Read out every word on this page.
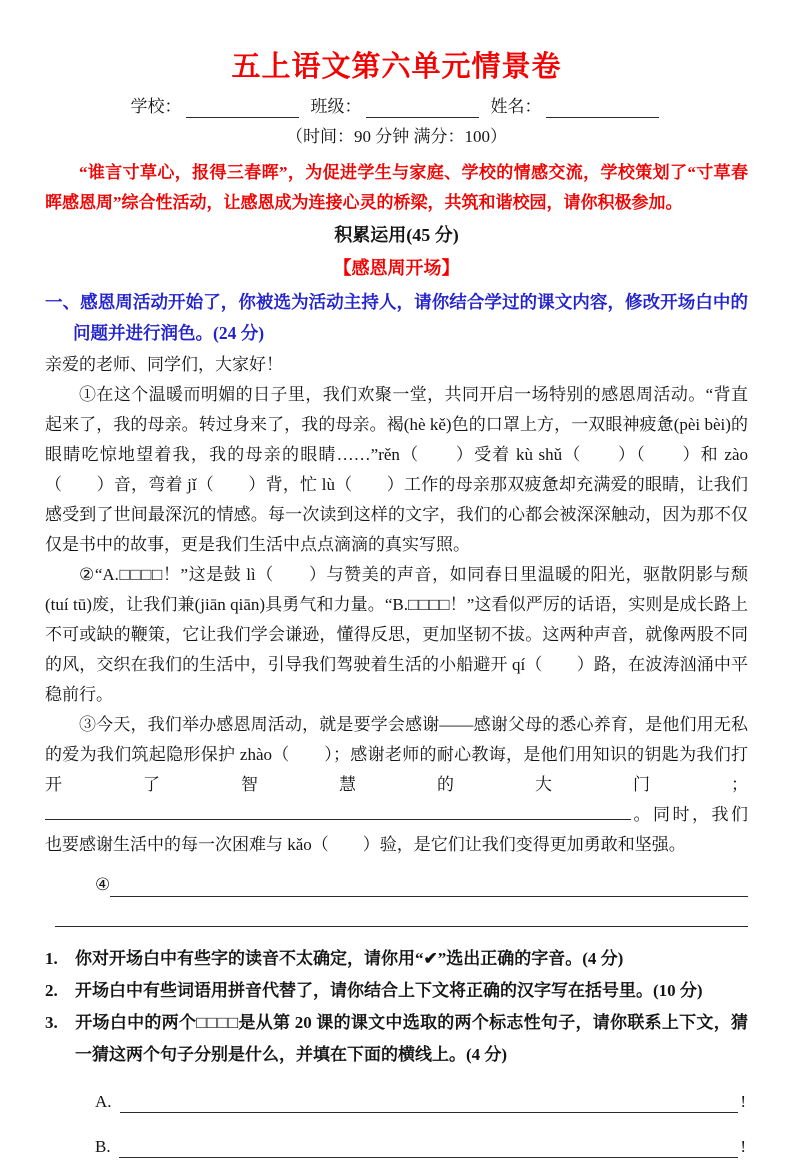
五上语文第六单元情景卷
学校：	班级：	姓名：
（时间：90 分钟 满分：100）

“谁言寸草心，报得三春晖”，为促进学生与家庭、学校的情感交流，学校策划了“寸草春晖感恩周”综合性活动，让感恩成为连接心灵的桥梁，共筑和谐校园，请你积极参加。

积累运用(45 分)
【感恩周开场】
一、感恩周活动开始了，你被选为活动主持人，请你结合学过的课文内容，修改开场白中的问题并进行润色。(24 分)

亲爱的老师、同学们，大家好！

①在这个温暖而明媚的日子里，我们欢聚一堂，共同开启一场特别的感恩周活动。“背直起来了，我的母亲。转过身来了，我的母亲。褐(hè kě)色的口罩上方，一双眼神疲惫(pèi bèi)的眼睛吃惊地望着我，我的母亲的眼睛……”rěn（　　）受着 kù shǔ（　　）（　　）和 zào（　　）音，弯着 jǐ（　　）背，忙 lù（　　）工作的母亲那双疲惫却充满爱的眼睛，让我们感受到了世间最深沉的情感。每一次读到这样的文字，我们的心都会被深深触动，因为那不仅仅是书中的故事，更是我们生活中点点滴滴的真实写照。

②“A.□□□□！”这是鼓 lì（　　）与赞美的声音，如同春日里温暖的阳光，驱散阴影与颓(tuí tū)废，让我们兼(jiān qiān)具勇气和力量。“B.□□□□！”这看似严厉的话语，实则是成长路上不可或缺的鞭策，它让我们学会谦逊，懂得反思，更加坚韧不拔。这两种声音，就像两股不同的风，交织在我们的生活中，引导我们驾驶着生活的小船避开 qí（　　）路，在波涛汹涌中平稳前行。

③今天，我们举办感恩周活动，就是要学会感谢——感谢父母的悉心养育，是他们用无私的爱为我们筑起隐形保护 zhào（　　）；感谢老师的耐心教诲，是他们用知识的钥匙为我们打开了智慧的大门；。同时，我们也要感谢生活中的每一次困难与 kǎo（　　）验，是它们让我们变得更加勇敢和坚强。

④
1. 你对开场白中有些字的读音不太确定，请你用“✔”选出正确的字音。(4 分)
2. 开场白中有些词语用拼音代替了，请你结合上下文将正确的汉字写在括号里。(10 分)
3. 开场白中的两个□□□□是从第 20 课的课文中选取的两个标志性句子，请你联系上下文，猜一猜这两个句子分别是什么，并填在下面的横线上。(4 分)
A.	!
B.	!
